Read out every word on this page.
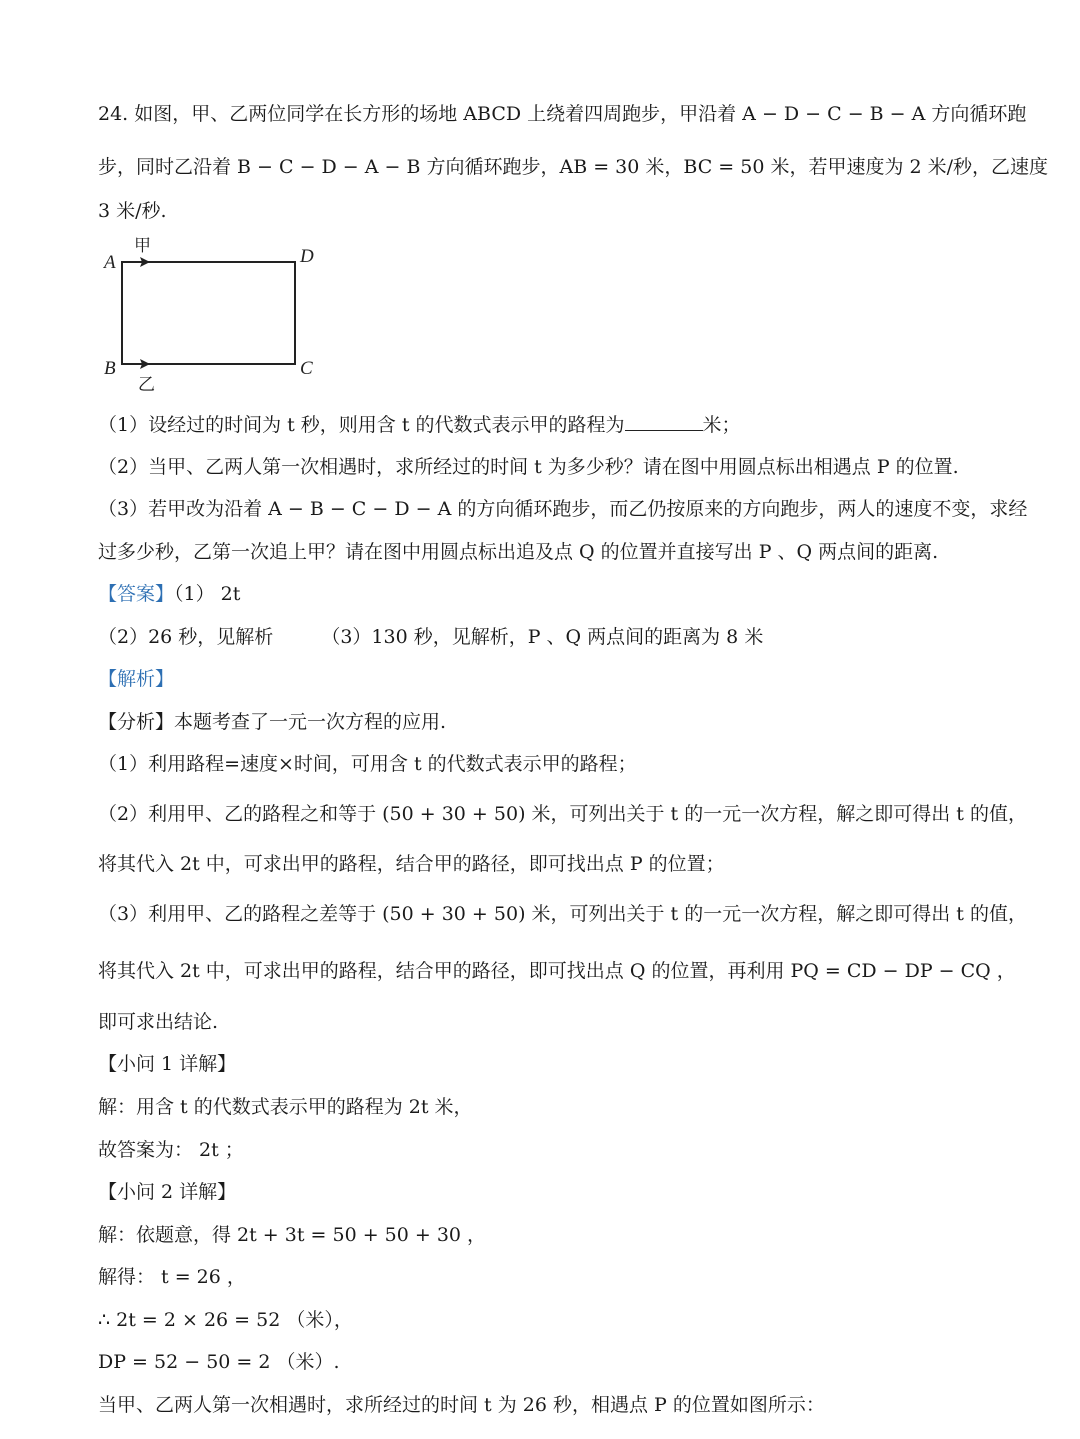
24. 如图，甲、乙两位同学在长方形的场地 ABCD 上绕着四周跑步，甲沿着 A − D − C − B − A 方向循环跑
步，同时乙沿着 B − C − D − A − B 方向循环跑步，AB = 30 米，BC = 50 米，若甲速度为 2 米/秒，乙速度
3 米/秒.
A	D
B	C
甲
乙
（1）设经过的时间为 t 秒，则用含 t 的代数式表示甲的路程为	米；
（2）当甲、乙两人第一次相遇时，求所经过的时间 t 为多少秒？请在图中用圆点标出相遇点 P 的位置.
（3）若甲改为沿着 A − B − C − D − A 的方向循环跑步，而乙仍按原来的方向跑步，两人的速度不变，求经
过多少秒，乙第一次追上甲？请在图中用圆点标出追及点 Q 的位置并直接写出 P 、Q 两点间的距离.
【答案】（1） 2t
（2）26 秒，见解析	（3）130 秒，见解析，P 、Q 两点间的距离为 8 米
【解析】
【分析】本题考查了一元一次方程的应用.
（1）利用路程=速度×时间，可用含 t 的代数式表示甲的路程；
（2）利用甲、乙的路程之和等于 (50 + 30 + 50) 米，可列出关于 t 的一元一次方程，解之即可得出 t 的值，
将其代入 2t 中，可求出甲的路程，结合甲的路径，即可找出点 P 的位置；
（3）利用甲、乙的路程之差等于 (50 + 30 + 50) 米，可列出关于 t 的一元一次方程，解之即可得出 t 的值，
将其代入 2t 中，可求出甲的路程，结合甲的路径，即可找出点 Q 的位置，再利用 PQ = CD − DP − CQ ，
即可求出结论.
【小问 1 详解】
解：用含 t 的代数式表示甲的路程为 2t 米，
故答案为： 2t ；
【小问 2 详解】
解：依题意，得 2t + 3t = 50 + 50 + 30 ，
解得： t = 26 ，
∴ 2t = 2 × 26 = 52 （米），
DP = 52 − 50 = 2 （米）.
当甲、乙两人第一次相遇时，求所经过的时间 t 为 26 秒，相遇点 P 的位置如图所示：
